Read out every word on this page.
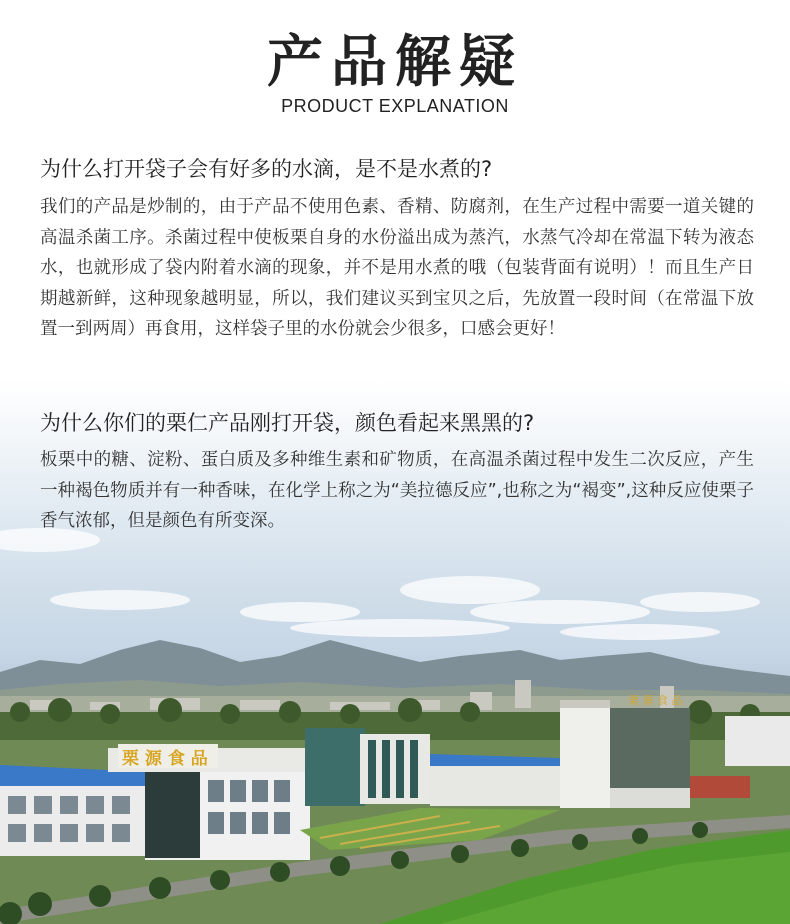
栗 源 食 品
栗 源 食 品
产品解疑
PRODUCT EXPLANATION
为什么打开袋子会有好多的水滴，是不是水煮的?
我们的产品是炒制的，由于产品不使用色素、香精、防腐剂，在生产过程中需要一道关键的高温杀菌工序。杀菌过程中使板栗自身的水份溢出成为蒸汽，水蒸气冷却在常温下转为液态水，也就形成了袋内附着水滴的现象，并不是用水煮的哦（包装背面有说明）！而且生产日期越新鲜，这种现象越明显，所以，我们建议买到宝贝之后，先放置一段时间（在常温下放置一到两周）再食用，这样袋子里的水份就会少很多，口感会更好！
为什么你们的栗仁产品刚打开袋，颜色看起来黑黑的?
板栗中的糖、淀粉、蛋白质及多种维生素和矿物质，在高温杀菌过程中发生二次反应，产生一种褐色物质并有一种香味，在化学上称之为“美拉德反应”,也称之为“褐变”,这种反应使栗子香气浓郁，但是颜色有所变深。
